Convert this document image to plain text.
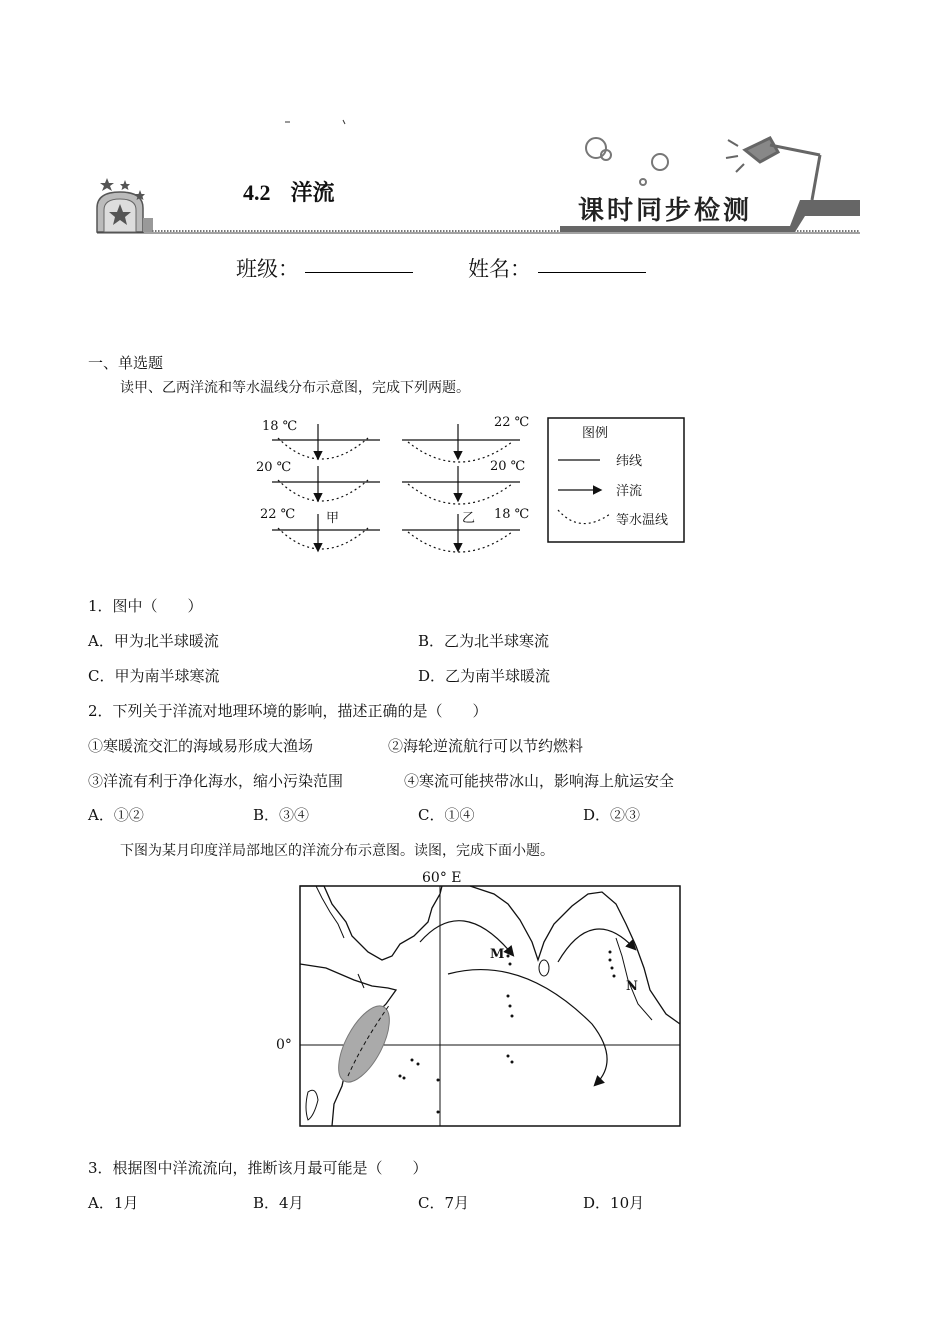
4.2 洋流
课时同步检测
班级：	姓名：
一、单选题
读甲、乙两洋流和等水温线分布示意图，完成下列两题。
18 ℃
20 ℃
22 ℃ 甲
22 ℃
20 ℃
18 ℃
乙
图例
纬线
洋流
等水温线
1．图中（　　）
A．甲为北半球暖流	B．乙为北半球寒流
C．甲为南半球寒流	D．乙为南半球暖流
2．下列关于洋流对地理环境的影响，描述正确的是（　　）
①寒暖流交汇的海域易形成大渔场	②海轮逆流航行可以节约燃料
③洋流有利于净化海水，缩小污染范围	④寒流可能挟带冰山，影响海上航运安全
A．①②	B．③④	C．①④	D．②③
下图为某月印度洋局部地区的洋流分布示意图。读图，完成下面小题。
60° E
0°
M
N
3．根据图中洋流流向，推断该月最可能是（　　）
A．1月	B．4月	C．7月	D．10月
